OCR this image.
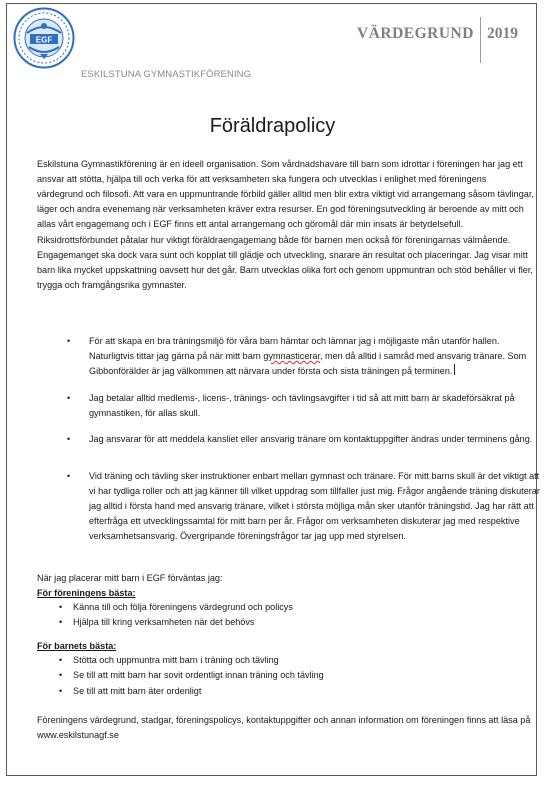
EGF
ESKILSTUNA GYMNASTIKFÖRENING
VÄRDEGRUND 2019
Föräldrapolicy

Eskilstuna Gymnastikförening är en ideell organisation. Som vårdnadshavare till barn som idrottar i föreningen har jag ett ansvar att stötta, hjälpa till och verka för att verksamheten ska fungera och utvecklas i enlighet med föreningens värdegrund och filosofi. Att vara en uppmuntrande förbild gäller alltid men blir extra viktigt vid arrangemang såsom tävlingar, läger och andra evenemang när verksamheten kräver extra resurser. En god föreningsutveckling är beroende av mitt och allas vårt engagemang och i EGF finns ett antal arrangemang och göromål där min insats är betydelsefull.

Riksidrottsförbundet påtalar hur viktigt föräldraengagemang både för barnen men också för föreningarnas välmående. Engagemanget ska dock vara sunt och kopplat till glädje och utveckling, snarare än resultat och placeringar. Jag visar mitt barn lika mycket uppskattning oavsett hur det går. Barn utvecklas olika fort och genom uppmuntran och stöd behåller vi fler, trygga och framgångsrika gymnaster.

• För att skapa en bra träningsmiljö för våra barn hämtar och lämnar jag i möjligaste mån utanför hallen. Naturligtvis tittar jag gärna på när mitt barn gymnasticerar, men då alltid i samråd med ansvarig tränare. Som Gibbonförälder är jag välkommen att närvara under första och sista träningen på terminen.
• Jag betalar alltid medlems-, licens-, tränings- och tävlingsavgifter i tid så att mitt barn är skadeförsäkrat på gymnastiken, för allas skull.
• Jag ansvarar för att meddela kansliet eller ansvarig tränare om kontaktuppgifter ändras under terminens gång.
• Vid träning och tävling sker instruktioner enbart mellan gymnast och tränare. För mitt barns skull är det viktigt att vi har tydliga roller och att jag känner till vilket uppdrag som tillfaller just mig. Frågor angående träning diskuterar jag alltid i första hand med ansvarig tränare, vilket i största möjliga mån sker utanför träningstid. Jag har rätt att efterfråga ett utvecklingssamtal för mitt barn per år. Frågor om verksamheten diskuterar jag med respektive verksamhetsansvarig. Övergripande föreningsfrågor tar jag upp med styrelsen.
När jag placerar mitt barn i EGF förväntas jag:
För föreningens bästa:
• Känna till och följa föreningens värdegrund och policys
• Hjälpa till kring verksamheten när det behövs
För barnets bästa:
• Stötta och uppmuntra mitt barn i träning och tävling
• Se till att mitt barn har sovit ordentligt innan träning och tävling
• Se till att mitt barn äter ordenligt

Föreningens värdegrund, stadgar, föreningspolicys, kontaktuppgifter och annan information om föreningen finns att läsa på www.eskilstunagf.se
